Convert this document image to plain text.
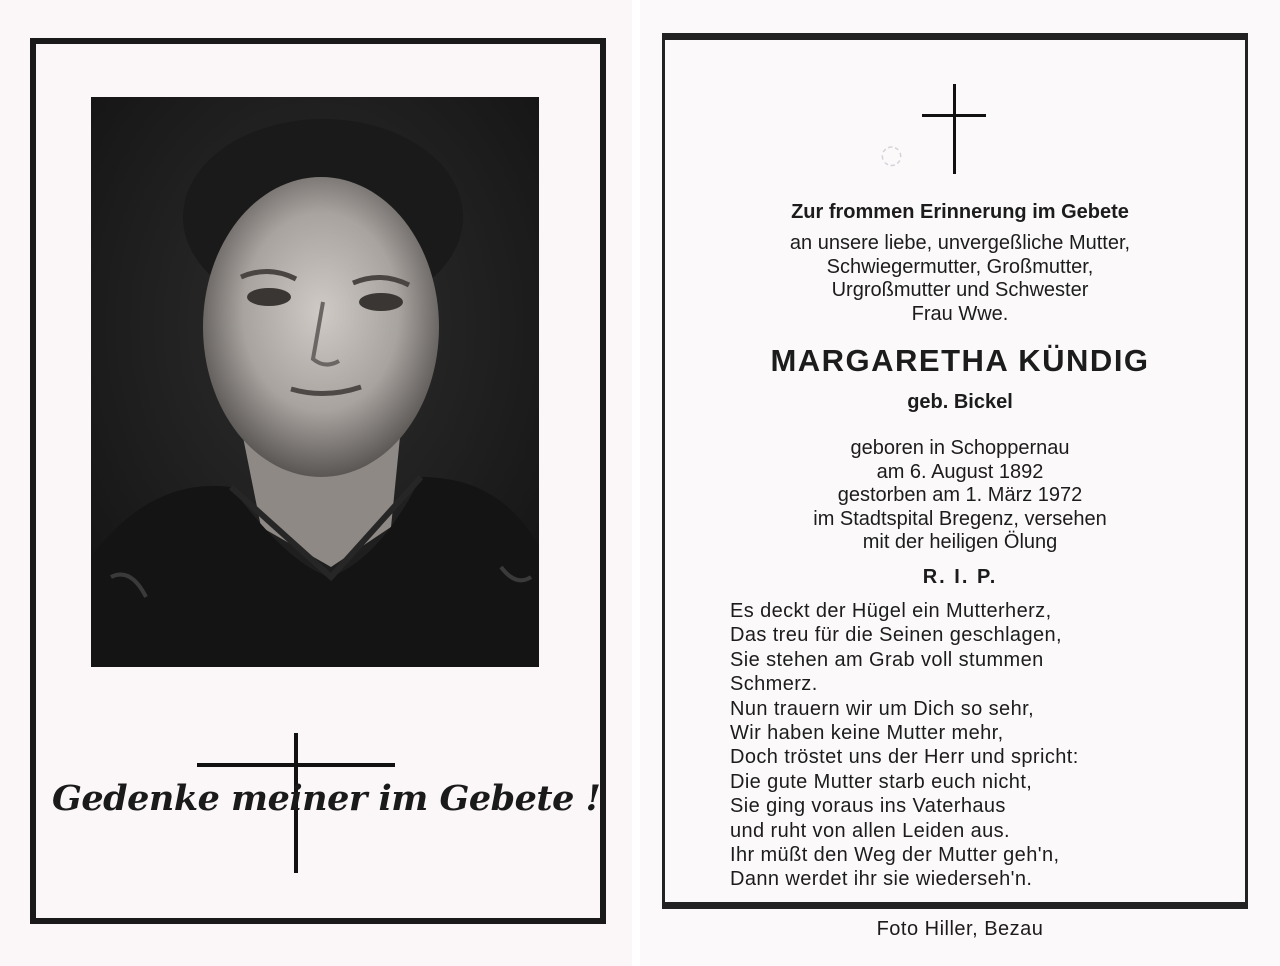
Gedenke meiner im Gebete !
◌
Zur frommen Erinnerung im Gebete
an unsere liebe, unvergeßliche Mutter,
Schwiegermutter, Großmutter,
Urgroßmutter und Schwester
Frau Wwe.
MARGARETHA KÜNDIG
geb. Bickel
geboren in Schoppernau
am 6. August 1892
gestorben am 1. März 1972
im Stadtspital Bregenz, versehen
mit der heiligen Ölung
R. I. P.
Es deckt der Hügel ein Mutterherz,
Das treu für die Seinen geschlagen,
Sie stehen am Grab voll stummen
Schmerz.
Nun trauern wir um Dich so sehr,
Wir haben keine Mutter mehr,
Doch tröstet uns der Herr und spricht:
Die gute Mutter starb euch nicht,
Sie ging voraus ins Vaterhaus
und ruht von allen Leiden aus.
Ihr müßt den Weg der Mutter geh'n,
Dann werdet ihr sie wiederseh'n.
Foto Hiller, Bezau
